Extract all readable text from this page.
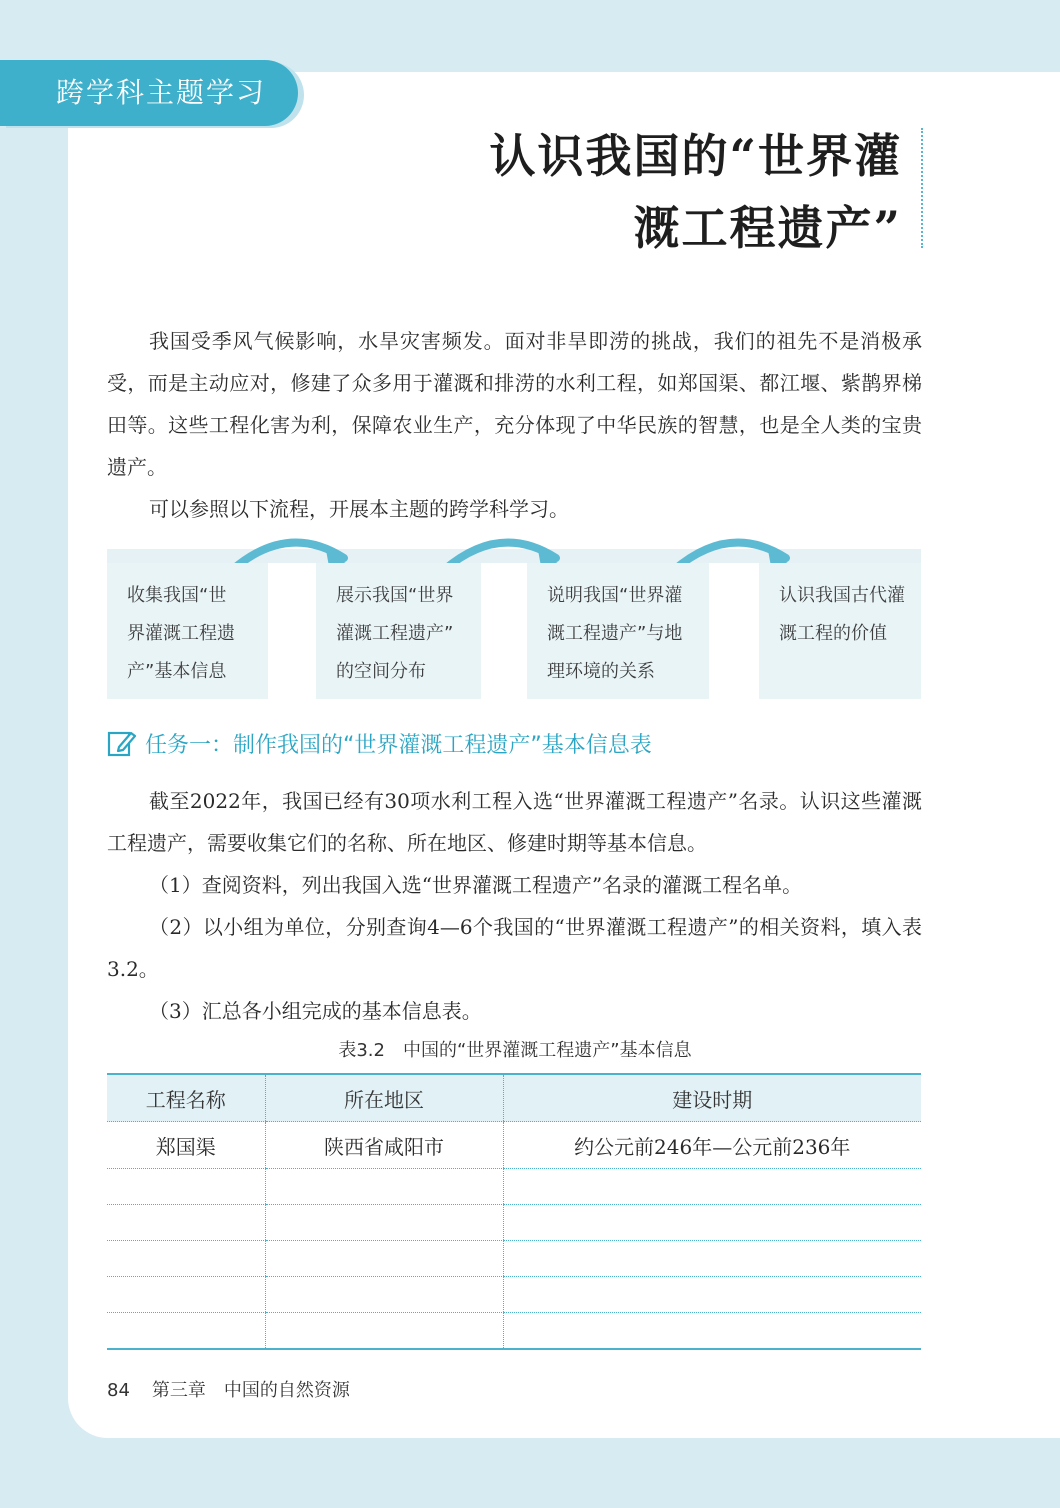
跨学科主题学习
认识我国的“世界灌
溉工程遗产”

我国受季风气候影响，水旱灾害频发。面对非旱即涝的挑战，我们的祖先不是消极承受，而是主动应对，修建了众多用于灌溉和排涝的水利工程，如郑国渠、都江堰、紫鹊界梯田等。这些工程化害为利，保障农业生产，充分体现了中华民族的智慧，也是全人类的宝贵遗产。

可以参照以下流程，开展本主题的跨学科学习。

收集我国“世
界灌溉工程遗
产”基本信息
展示我国“世界
灌溉工程遗产”
的空间分布
说明我国“世界灌
溉工程遗产”与地
理环境的关系
认识我国古代灌
溉工程的价值
任务一：制作我国的“世界灌溉工程遗产”基本信息表

截至2022年，我国已经有30项水利工程入选“世界灌溉工程遗产”名录。认识这些灌溉工程遗产，需要收集它们的名称、所在地区、修建时期等基本信息。

（1）查阅资料，列出我国入选“世界灌溉工程遗产”名录的灌溉工程名单。

（2）以小组为单位，分别查询4—6个我国的“世界灌溉工程遗产”的相关资料，填入表3.2。

（3）汇总各小组完成的基本信息表。

表3.2　中国的“世界灌溉工程遗产”基本信息
工程名称	所在地区	建设时期
郑国渠	陕西省咸阳市	约公元前246年—公元前236年

84 第三章　中国的自然资源
